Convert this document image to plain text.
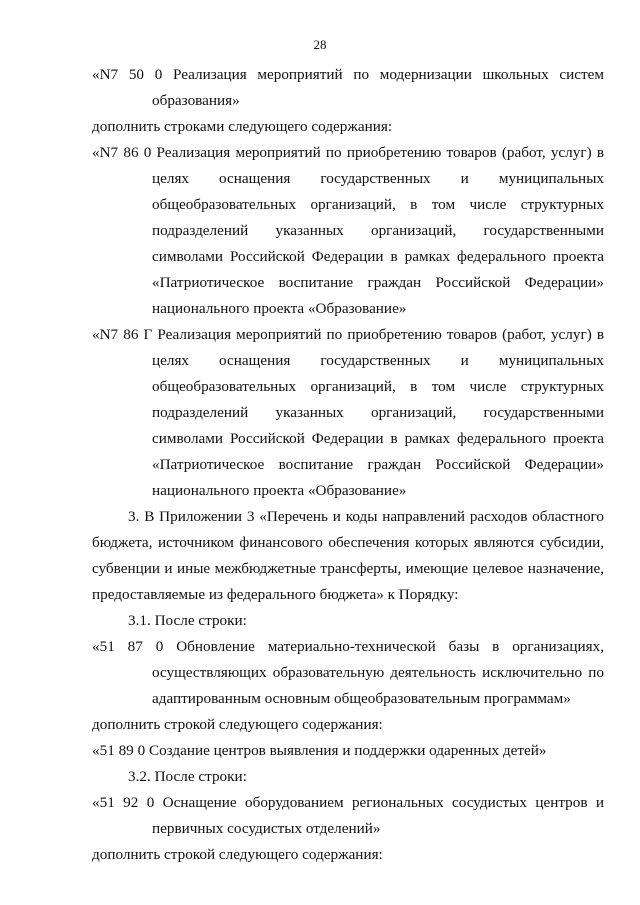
28

«N7 50 0 Реализация мероприятий по модернизации школьных систем

образования»

дополнить строками следующего содержания:

«N7 86 0 Реализация мероприятий по приобретению товаров (работ, услуг) в

целях оснащения государственных и муниципальных

общеобразовательных организаций, в том числе структурных

подразделений указанных организаций, государственными

символами Российской Федерации в рамках федерального проекта

«Патриотическое воспитание граждан Российской Федерации»

национального проекта «Образование»

«N7 86 Г Реализация мероприятий по приобретению товаров (работ, услуг) в

целях оснащения государственных и муниципальных

общеобразовательных организаций, в том числе структурных

подразделений указанных организаций, государственными

символами Российской Федерации в рамках федерального проекта

«Патриотическое воспитание граждан Российской Федерации»

национального проекта «Образование»

3. В Приложении 3 «Перечень и коды направлений расходов областного бюджета, источником финансового обеспечения которых являются субсидии, субвенции и иные межбюджетные трансферты, имеющие целевое назначение, предоставляемые из федерального бюджета» к Порядку:

3.1. После строки:

«51 87 0 Обновление материально-технической базы в организациях,

осуществляющих образовательную деятельность исключительно по

адаптированным основным общеобразовательным программам»

дополнить строкой следующего содержания:

«51 89 0 Создание центров выявления и поддержки одаренных детей»

3.2. После строки:

«51 92 0 Оснащение оборудованием региональных сосудистых центров и

первичных сосудистых отделений»

дополнить строкой следующего содержания:
